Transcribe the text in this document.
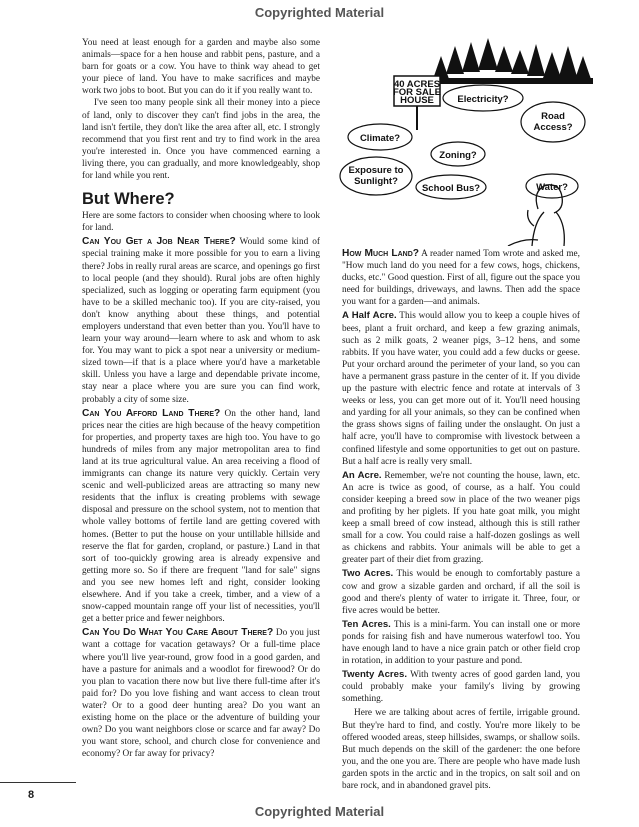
Copyrighted Material

You need at least enough for a garden and maybe also some animals—space for a hen house and rabbit pens, pasture, and a barn for goats or a cow. You have to think way ahead to get your piece of land. You have to make sacrifices and maybe work two jobs to boot. But you can do it if you really want to.

I've seen too many people sink all their money into a piece of land, only to discover they can't find jobs in the area, the land isn't fertile, they don't like the area after all, etc. I strongly recommend that you first rent and try to find work in the area you're interested in. Once you have commenced earning a living there, you can gradually, and more knowledgeably, shop for land while you rent.

But Where?

Here are some factors to consider when choosing where to look for land.

Can You Get a Job Near There? Would some kind of special training make it more possible for you to earn a living there? Jobs in really rural areas are scarce, and openings go first to local people (and they should). Rural jobs are often highly specialized, such as logging or operating farm equipment (you have to be a skilled mechanic too). If you are city-raised, you don't know anything about these things, and potential employers understand that even better than you. You'll have to learn your way around—learn where to ask and whom to ask for. You may want to pick a spot near a university or medium-sized town—if that is a place where you'd have a marketable skill. Unless you have a large and dependable private income, stay near a place where you are sure you can find work, probably a city of some size.

Can You Afford Land There? On the other hand, land prices near the cities are high because of the heavy competition for properties, and property taxes are high too. You have to go hundreds of miles from any major metropolitan area to find land at its true agricultural value. An area receiving a flood of immigrants can change its nature very quickly. Certain very scenic and well-publicized areas are attracting so many new residents that the influx is creating problems with sewage disposal and pressure on the school system, not to mention that whole valley bottoms of fertile land are getting covered with homes. (Better to put the house on your untillable hillside and reserve the flat for garden, cropland, or pasture.) Land in that sort of too-quickly growing area is already expensive and getting more so. So if there are frequent "land for sale" signs and you see new homes left and right, consider looking elsewhere. And if you take a creek, timber, and a view of a snow-capped mountain range off your list of necessities, you'll get a better price and fewer neighbors.

Can You Do What You Care About There? Do you just want a cottage for vacation getaways? Or a full-time place where you'll live year-round, grow food in a good garden, and have a pasture for animals and a woodlot for firewood? Or do you plan to vacation there now but live there full-time after it's paid for? Do you love fishing and want access to clean trout water? Or to a good deer hunting area? Do you want an existing home on the place or the adventure of building your own? Do you want neighbors close or scarce and far away? Do you want store, school, and church close for convenience and economy? Or far away for privacy?

40 ACRES
FOR SALE
HOUSE Electricity?
Road
Access?
Climate?
Zoning?
Exposure to
Sunlight?
School Bus?	Water?

How Much Land? A reader named Tom wrote and asked me, "How much land do you need for a few cows, hogs, chickens, ducks, etc." Good question. First of all, figure out the space you need for buildings, driveways, and lawns. Then add the space you want for a garden—and animals.

A Half Acre. This would allow you to keep a couple hives of bees, plant a fruit orchard, and keep a few grazing animals, such as 2 milk goats, 2 weaner pigs, 3–12 hens, and some rabbits. If you have water, you could add a few ducks or geese. Put your orchard around the perimeter of your land, so you can have a permanent grass pasture in the center of it. If you divide up the pasture with electric fence and rotate at intervals of 3 weeks or less, you can get more out of it. You'll need housing and yarding for all your animals, so they can be confined when the grass shows signs of failing under the onslaught. On just a half acre, you'll have to compromise with livestock between a confined lifestyle and some opportunities to get out on pasture. But a half acre is really very small.

An Acre. Remember, we're not counting the house, lawn, etc. An acre is twice as good, of course, as a half. You could consider keeping a breed sow in place of the two weaner pigs and profiting by her piglets. If you hate goat milk, you might keep a small breed of cow instead, although this is still rather small for a cow. You could raise a half-dozen goslings as well as chickens and rabbits. Your animals will be able to get a greater part of their diet from grazing.

Two Acres. This would be enough to comfortably pasture a cow and grow a sizable garden and orchard, if all the soil is good and there's plenty of water to irrigate it. Three, four, or five acres would be better.

Ten Acres. This is a mini-farm. You can install one or more ponds for raising fish and have numerous waterfowl too. You have enough land to have a nice grain patch or other field crop in rotation, in addition to your pasture and pond.

Twenty Acres. With twenty acres of good garden land, you could probably make your family's living by growing something.

Here we are talking about acres of fertile, irrigable ground. But they're hard to find, and costly. You're more likely to be offered wooded areas, steep hillsides, swamps, or shallow soils. But much depends on the skill of the gardener: the one before you, and the one you are. There are people who have made lush garden spots in the arctic and in the tropics, on salt soil and on bare rock, and in abandoned gravel pits.

8
Copyrighted Material
